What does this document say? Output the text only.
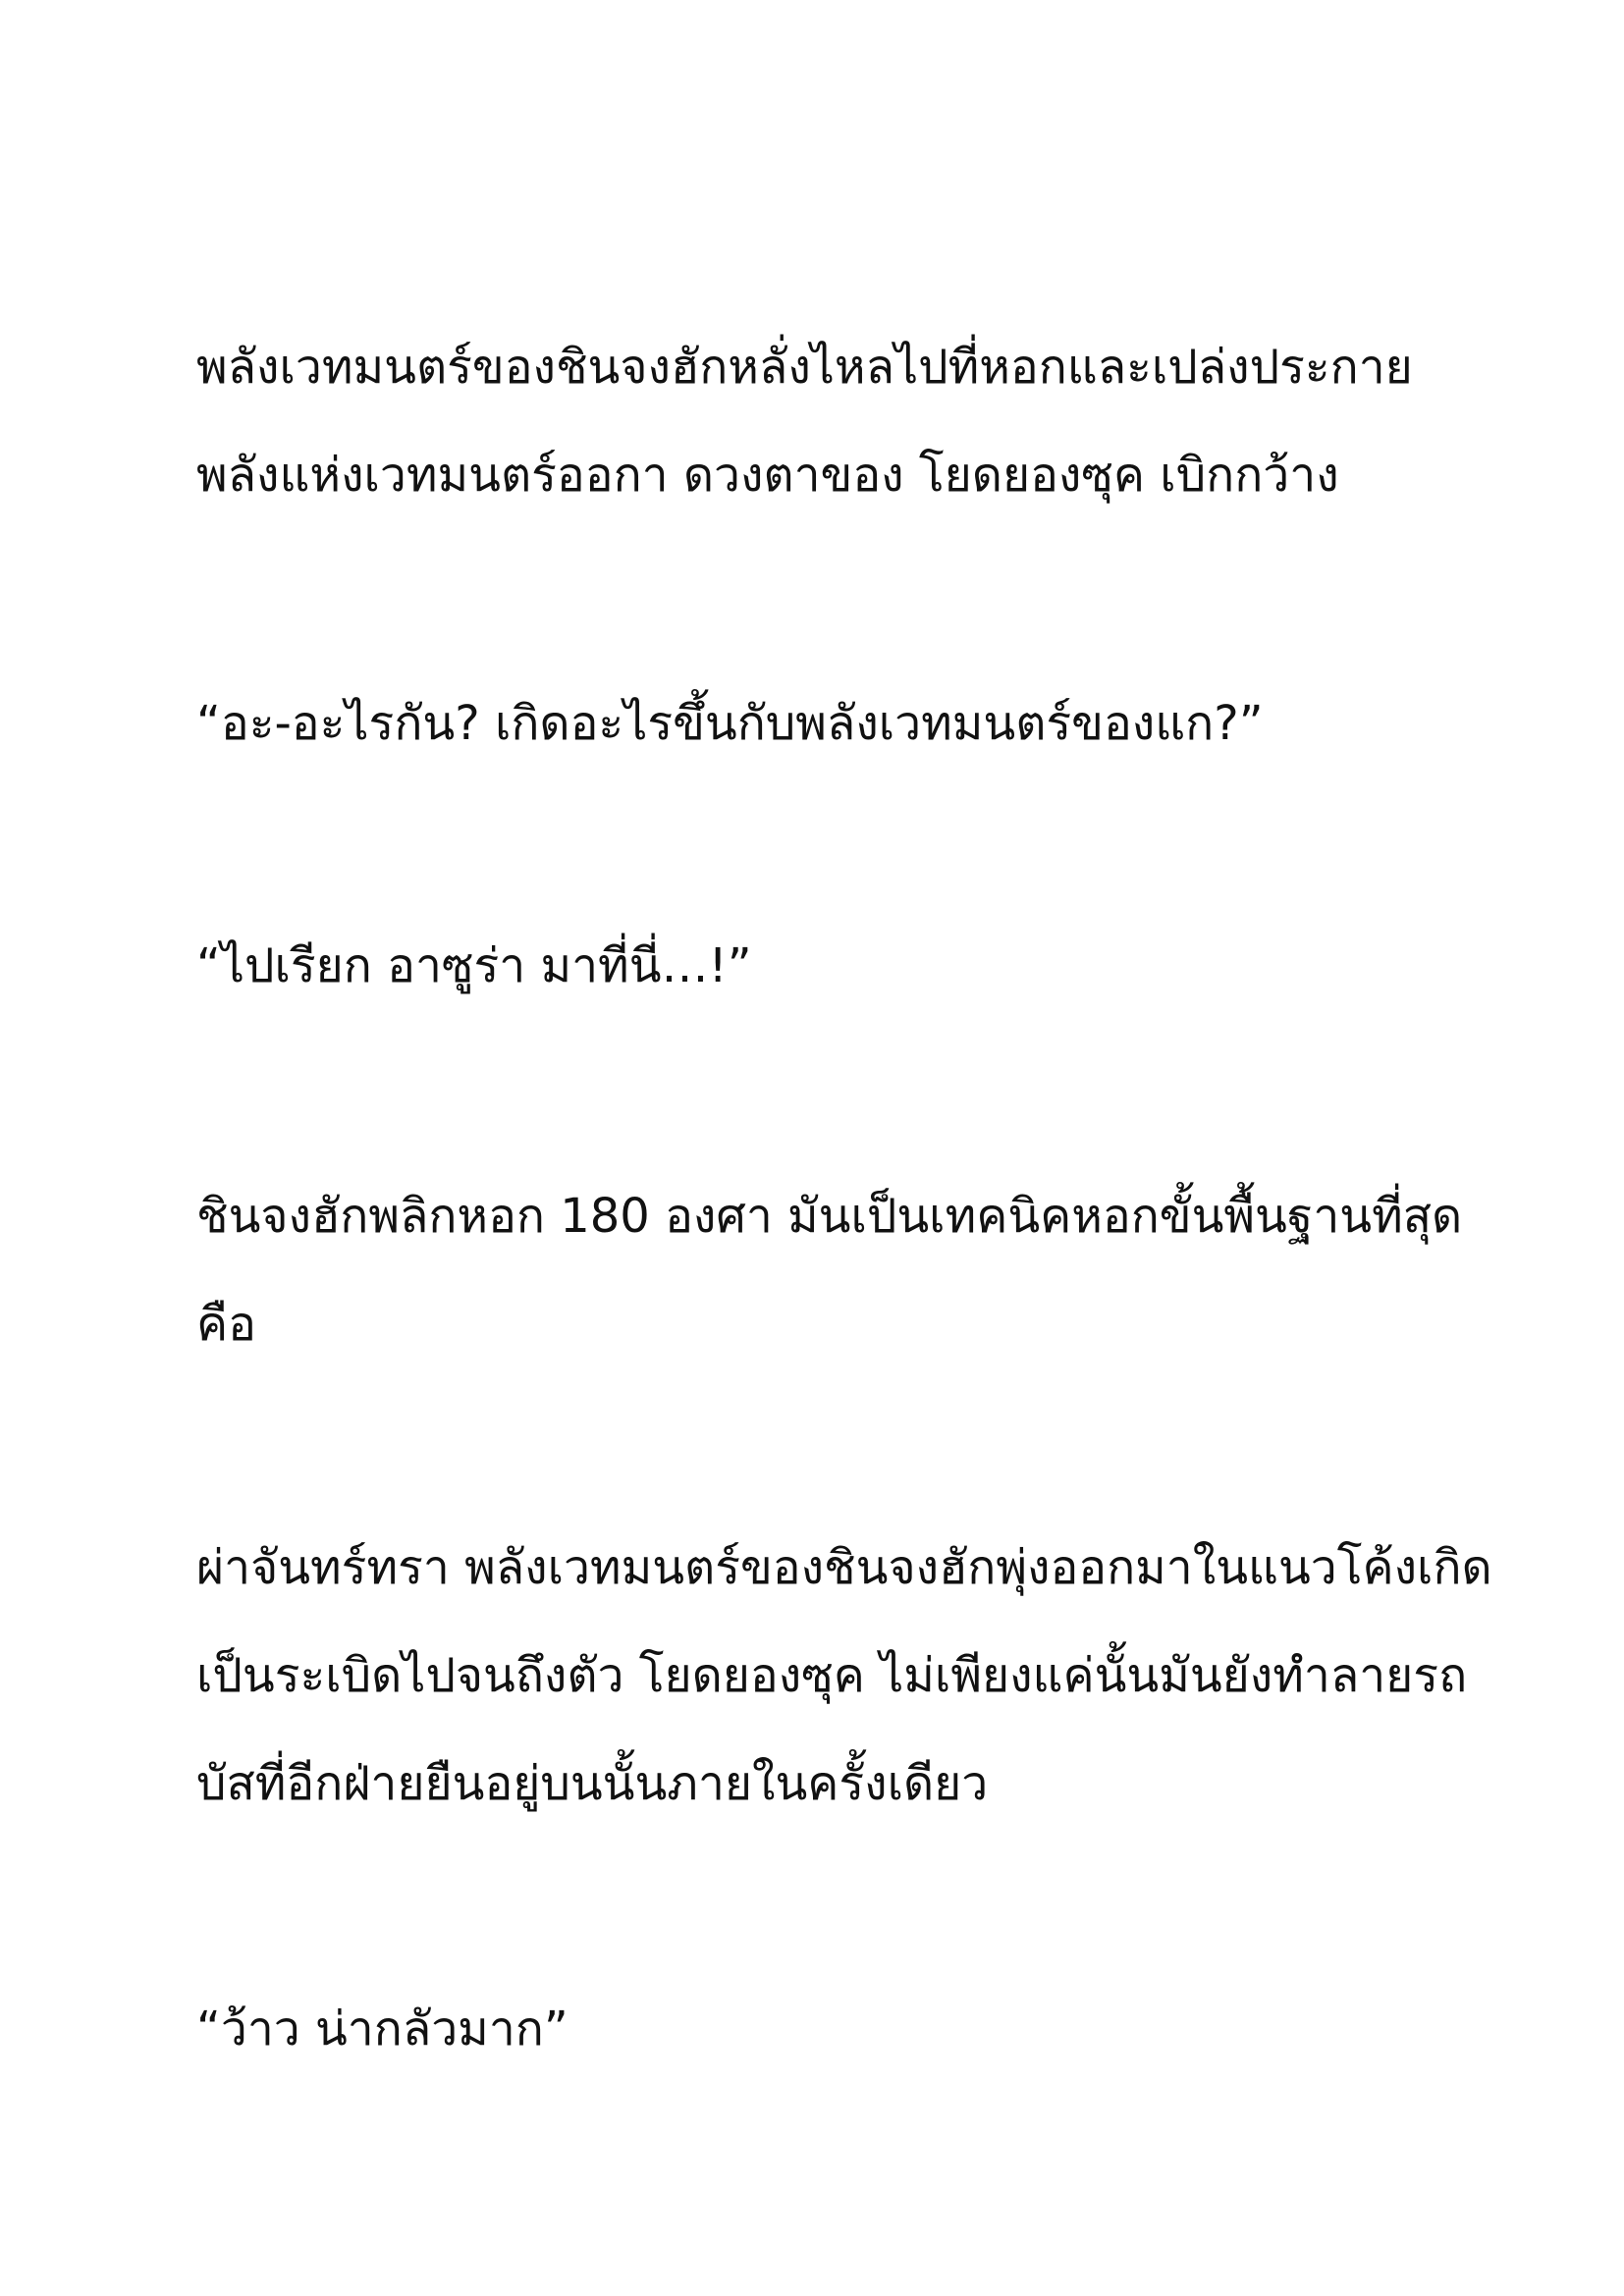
พลังเวทมนตร์ของชินจงฮักหลั่งไหลไปที่หอกและเปล่งประกาย
พลังแห่งเวทมนตร์ออกา ดวงตาของ โยดยองซุค เบิกกว้าง
“อะ-อะไรกัน? เกิดอะไรขึ้นกับพลังเวทมนตร์ของแก?”
“ไปเรียก อาซูร่า มาที่นี่…!”
ชินจงฮักพลิกหอก 180 องศา มันเป็นเทคนิคหอกขั้นพื้นฐานที่สุด
คือ
ผ่าจันทร์ทรา พลังเวทมนตร์ของชินจงฮักพุ่งออกมาในแนวโค้งเกิด
เป็นระเบิดไปจนถึงตัว โยดยองซุค ไม่เพียงแค่นั้นมันยังทำลายรถ
บัสที่อีกฝ่ายยืนอยู่บนนั้นภายในครั้งเดียว
“ว้าว น่ากลัวมาก”
